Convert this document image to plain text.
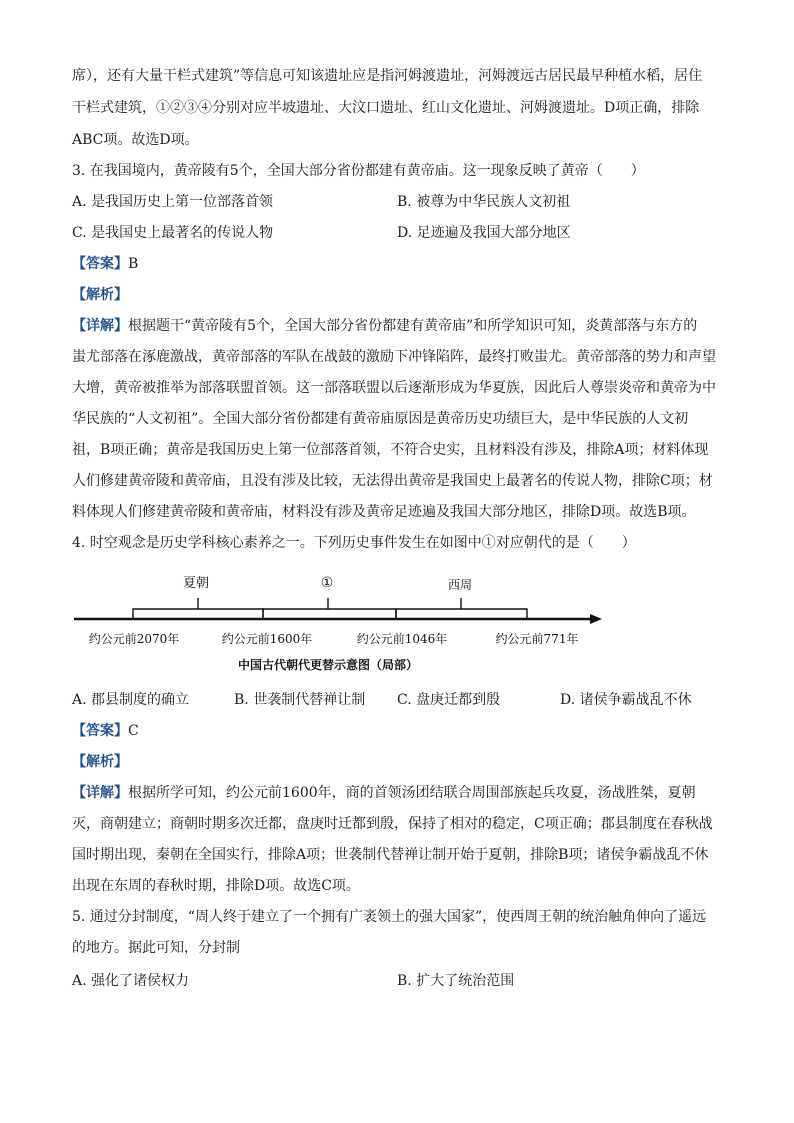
席），还有大量干栏式建筑”等信息可知该遗址应是指河姆渡遗址，河姆渡远古居民最早种植水稻，居住
干栏式建筑，①②③④分别对应半坡遗址、大汶口遗址、红山文化遗址、河姆渡遗址。D项正确，排除
ABC项。故选D项。
3. 在我国境内，黄帝陵有5个，全国大部分省份都建有黄帝庙。这一现象反映了黄帝（　　）
A. 是我国历史上第一位部落首领	B. 被尊为中华民族人文初祖
C. 是我国史上最著名的传说人物	D. 足迹遍及我国大部分地区
【答案】B
【解析】
【详解】根据题干“黄帝陵有5个，全国大部分省份都建有黄帝庙”和所学知识可知，炎黄部落与东方的
蚩尤部落在涿鹿激战，黄帝部落的军队在战鼓的激励下冲锋陷阵，最终打败蚩尤。黄帝部落的势力和声望
大增，黄帝被推举为部落联盟首领。这一部落联盟以后逐渐形成为华夏族，因此后人尊崇炎帝和黄帝为中
华民族的“人文初祖”。全国大部分省份都建有黄帝庙原因是黄帝历史功绩巨大，是中华民族的人文初
祖，B项正确；黄帝是我国历史上第一位部落首领，不符合史实，且材料没有涉及，排除A项；材料体现
人们修建黄帝陵和黄帝庙，且没有涉及比较，无法得出黄帝是我国史上最著名的传说人物，排除C项；材
料体现人们修建黄帝陵和黄帝庙，材料没有涉及黄帝足迹遍及我国大部分地区，排除D项。故选B项。
4. 时空观念是历史学科核心素养之一。下列历史事件发生在如图中①对应朝代的是（　　）
夏朝	①	西周
约公元前2070年	约公元前1600年	约公元前1046年	约公元前771年
中国古代朝代更替示意图（局部）
A. 郡县制度的确立	B. 世袭制代替禅让制 C. 盘庚迁都到殷	D. 诸侯争霸战乱不休
【答案】C
【解析】
【详解】根据所学可知，约公元前1600年，商的首领汤团结联合周围部族起兵攻夏，汤战胜桀，夏朝
灭，商朝建立；商朝时期多次迁都，盘庚时迁都到殷，保持了相对的稳定，C项正确；郡县制度在春秋战
国时期出现，秦朝在全国实行，排除A项；世袭制代替禅让制开始于夏朝，排除B项；诸侯争霸战乱不休
出现在东周的春秋时期，排除D项。故选C项。
5. 通过分封制度，“周人终于建立了一个拥有广袤领土的强大国家”，使西周王朝的统治触角伸向了遥远
的地方。据此可知，分封制
A. 强化了诸侯权力	B. 扩大了统治范围
